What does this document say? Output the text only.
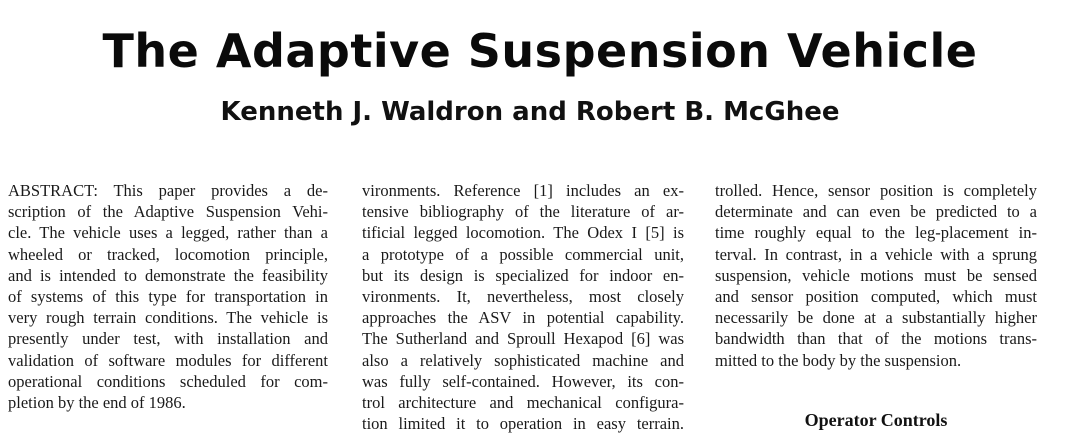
The Adaptive Suspension Vehicle
Kenneth J. Waldron and Robert B. McGhee
ABSTRACT: This paper provides a de-
scription of the Adaptive Suspension Vehi-
cle. The vehicle uses a legged, rather than a
wheeled or tracked, locomotion principle,
and is intended to demonstrate the feasibility
of systems of this type for transportation in
very rough terrain conditions. The vehicle is
presently under test, with installation and
validation of software modules for different
operational conditions scheduled for com-
pletion by the end of 1986.
vironments. Reference [1] includes an ex-
tensive bibliography of the literature of ar-
tificial legged locomotion. The Odex I [5] is
a prototype of a possible commercial unit,
but its design is specialized for indoor en-
vironments. It, nevertheless, most closely
approaches the ASV in potential capability.
The Sutherland and Sproull Hexapod [6] was
also a relatively sophisticated machine and
was fully self-contained. However, its con-
trol architecture and mechanical configura-
tion limited it to operation in easy terrain.
trolled. Hence, sensor position is completely
determinate and can even be predicted to a
time roughly equal to the leg-placement in-
terval. In contrast, in a vehicle with a sprung
suspension, vehicle motions must be sensed
and sensor position computed, which must
necessarily be done at a substantially higher
bandwidth than that of the motions trans-
mitted to the body by the suspension.
Operator Controls
